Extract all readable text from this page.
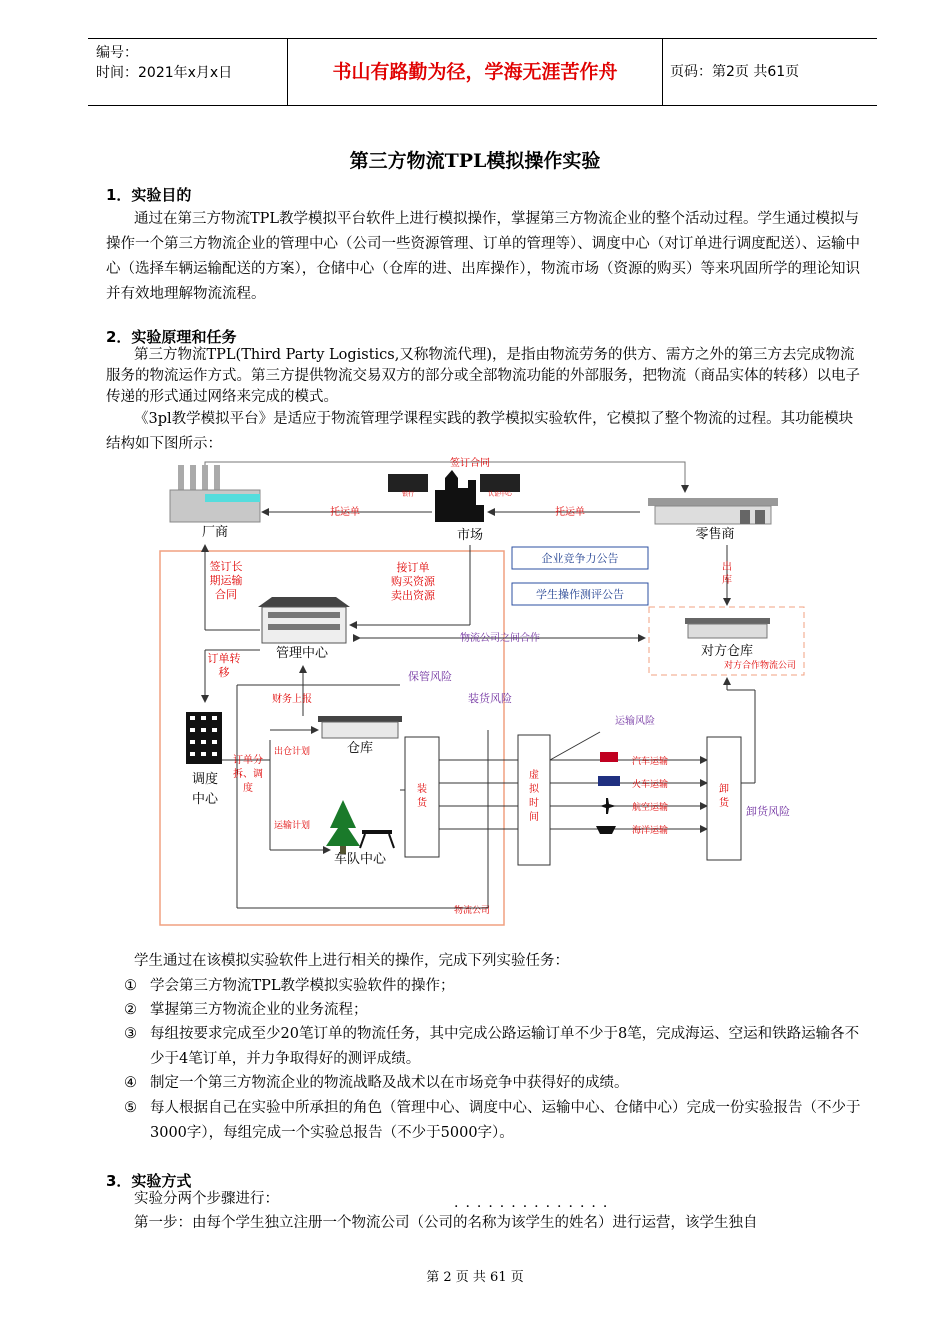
编号：
时间：2021年x月x日	书山有路勤为径，学海无涯苦作舟	页码：第2页 共61页
第三方物流TPL模拟操作实验
1．实验目的
通过在第三方物流TPL教学模拟平台软件上进行模拟操作，掌握第三方物流企业的整个活动过程。学生通过模拟与操作一个第三方物流企业的管理中心（公司一些资源管理、订单的管理等）、调度中心（对订单进行调度配送）、运输中心（选择车辆运输配送的方案），仓储中心（仓库的进、出库操作），物流市场（资源的购买）等来巩固所学的理论知识并有效地理解物流流程。
2．实验原理和任务
第三方物流TPL(Third Party Logistics,又称物流代理)，是指由物流劳务的供方、需方之外的第三方去完成物流服务的物流运作方式。第三方提供物流交易双方的部分或全部物流功能的外部服务，把物流（商品实体的转移）以电子传递的形式通过网络来完成的模式。
《3pl教学模拟平台》是适应于物流管理学课程实践的教学模拟实验软件，它模拟了整个物流的过程。其功能模块结构如下图所示：
签订合同
厂商
银行	认证中心
市场	零售商
托运单	托运单
物流公司
签订长
期运输
合同
接订单
购买资源
卖出资源
企业竞争力公告
学生操作测评公告
管理中心
物流公司之间合作
对方仓库
对方合作物流公司
出
库
订单转
移
调度
中心
财务上报
保管风险
装货风险
仓库
订单分
拆、调
度
出仓计划
运输计划
车队中心
装
货
虚
拟
时
间
运输风险
汽车运输
火车运输
航空运输
海洋运输
卸
货
卸货风险
学生通过在该模拟实验软件上进行相关的操作，完成下列实验任务：
① 学会第三方物流TPL教学模拟实验软件的操作；
② 掌握第三方物流企业的业务流程；
③ 每组按要求完成至少20笔订单的物流任务，其中完成公路运输订单不少于8笔，完成海运、空运和铁路运输各不少于4笔订单，并力争取得好的测评成绩。
④ 制定一个第三方物流企业的物流战略及战术以在市场竞争中获得好的成绩。
⑤ 每人根据自己在实验中所承担的角色（管理中心、调度中心、运输中心、仓储中心）完成一份实验报告（不少于3000字），每组完成一个实验总报告（不少于5000字）。
3．实验方式
实验分两个步骤进行：	··············
第一步：由每个学生独立注册一个物流公司（公司的名称为该学生的姓名）进行运营，该学生独自
第 2 页 共 61 页
